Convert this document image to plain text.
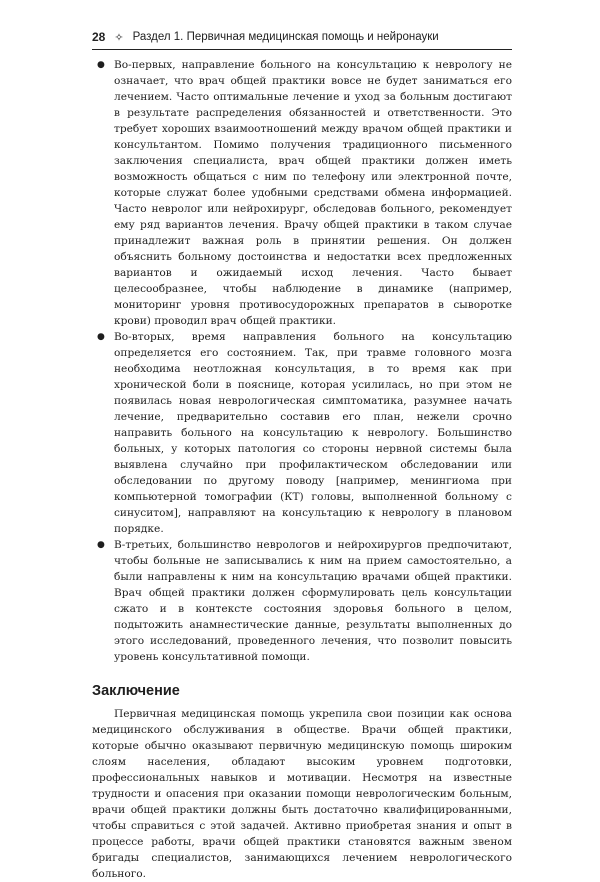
28 ✧ Раздел 1. Первичная медицинская помощь и нейронауки
● Во-первых, направление больного на консультацию к неврологу не означает, что врач общей практики вовсе не будет заниматься его лечением. Часто оптимальные лечение и уход за больным достигают в результате распределения обязанностей и ответственности. Это требует хороших взаимоотношений между врачом общей практики и консультантом. Помимо получения традиционного письменного заключения специалиста, врач общей практики должен иметь возможность общаться с ним по телефону или электронной почте, которые служат более удобными средствами обмена информацией. Часто невролог или нейрохирург, обследовав больного, рекомендует ему ряд вариантов лечения. Врачу общей практики в таком случае принадлежит важная роль в принятии решения. Он должен объяснить больному достоинства и недостатки всех предложенных вариантов и ожидаемый исход лечения. Часто бывает целесообразнее, чтобы наблюдение в динамике (например, мониторинг уровня противосудорожных препаратов в сыворотке крови) проводил врач общей практики.

● Во-вторых, время направления больного на консультацию определяется его состоянием. Так, при травме головного мозга необходима неотложная консультация, в то время как при хронической боли в пояснице, которая усилилась, но при этом не появилась новая неврологическая симптоматика, разумнее начать лечение, предварительно составив его план, нежели срочно направить больного на консультацию к неврологу. Большинство больных, у которых патология со стороны нервной системы была выявлена случайно при профилактическом обследовании или обследовании по другому поводу [например, менингиома при компьютерной томографии (КТ) головы, выполненной больному с синуситом], направляют на консультацию к неврологу в плановом порядке.

● В-третьих, большинство неврологов и нейрохирургов предпочитают, чтобы больные не записывались к ним на прием самостоятельно, а были направлены к ним на консультацию врачами общей практики. Врач общей практики должен сформулировать цель консультации сжато и в контексте состояния здоровья больного в целом, подытожить анамнестические данные, результаты выполненных до этого исследований, проведенного лечения, что позволит повысить уровень консультативной помощи.

Заключение

Первичная медицинская помощь укрепила свои позиции как основа медицинского обслуживания в обществе. Врачи общей практики, которые обычно оказывают первичную медицинскую помощь широким слоям населения, обладают высоким уровнем подготовки, профессиональных навыков и мотивации. Несмотря на известные трудности и опасения при оказании помощи неврологическим больным, врачи общей практики должны быть достаточно квалифицированными, чтобы справиться с этой задачей. Активно приобретая знания и опыт в процессе работы, врачи общей практики становятся важным звеном бригады специалистов, занимающихся лечением неврологического больного.
